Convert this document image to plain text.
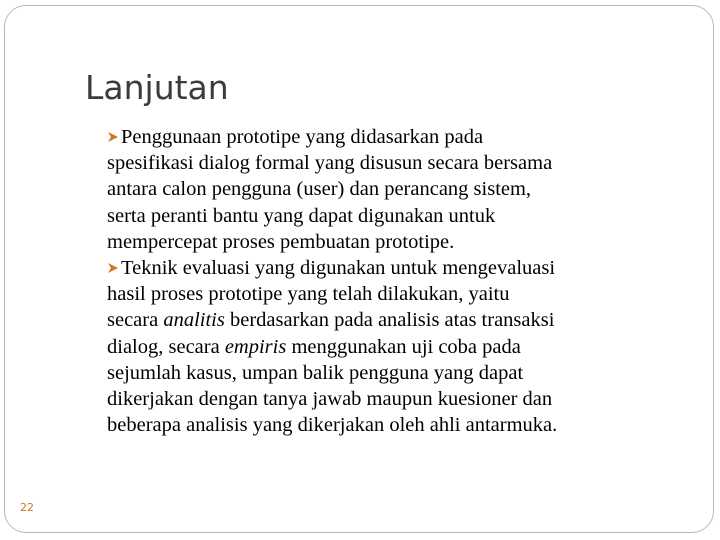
Lanjutan
Penggunaan prototipe yang didasarkan pada
spesifikasi dialog formal yang disusun secara bersama
antara calon pengguna (user) dan perancang sistem,
serta peranti bantu yang dapat digunakan untuk
mempercepat proses pembuatan prototipe.
Teknik evaluasi yang digunakan untuk mengevaluasi
hasil proses prototipe yang telah dilakukan, yaitu
secara analitis berdasarkan pada analisis atas transaksi
dialog, secara empiris menggunakan uji coba pada
sejumlah kasus, umpan balik pengguna yang dapat
dikerjakan dengan tanya jawab maupun kuesioner dan
beberapa analisis yang dikerjakan oleh ahli antarmuka.
22
